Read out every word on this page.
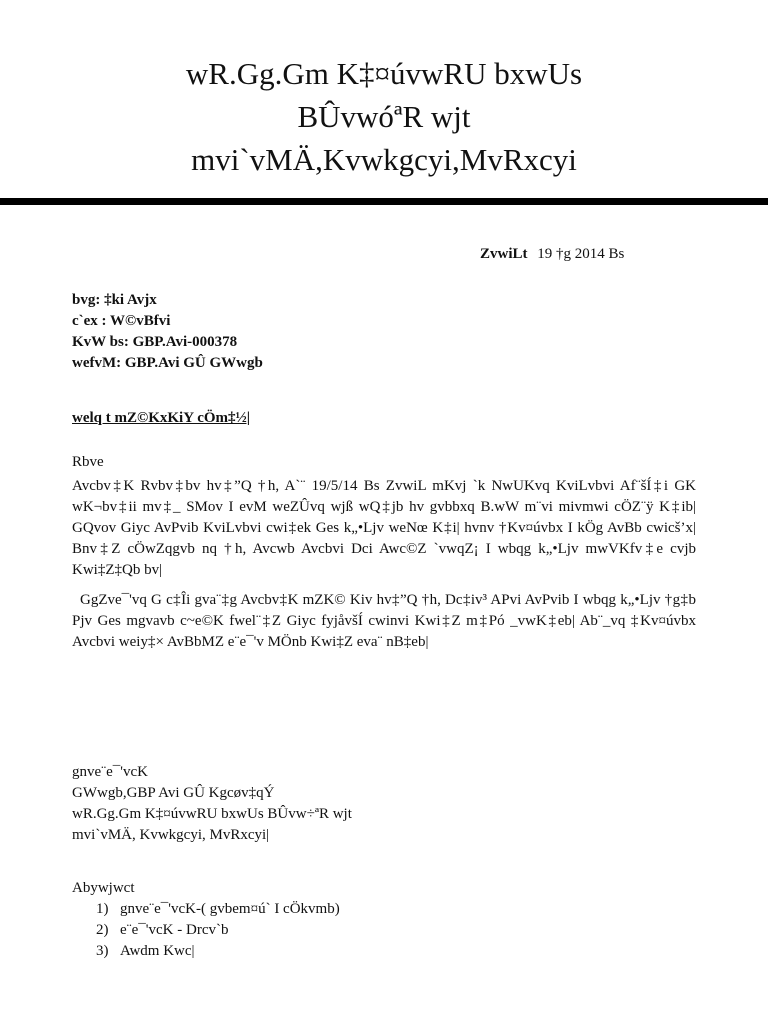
wR.Gg.Gm K‡¤úvwRU bxwUs
BÛvwóªR wjt
mvi`vMÄ,Kvwkgcyi,MvRxcyi
ZvwiLt 19 †g 2014 Bs
bvg: ‡ki Avjx
c`ex : W©vBfvi
KvW bs: GBP.Avi-000378
wefvM: GBP.Avi GÛ GWwgb
welq t mZ©KxKiY cÖm‡½|
Rbve
Avcbv‡K Rvbv‡bv hv‡”Q †h, A`¨ 19/5/14 Bs ZvwiL mKvj `k NwUKvq KviLvbvi Af¨šÍ‡i GK wK¬bv‡ii mv‡_ SMov I evM weZÛvq wjß wQ‡jb hv gvbbxq B.wW m¨vi mivmwi cÖZ¨ÿ K‡ib| GQvov Giyc AvPvib KviLvbvi cwi‡ek Ges k„•Ljv weNœ K‡i| hvnv †Kv¤úvbx I kÖg AvBb cwicš’x| Bnv‡Z cÖwZqgvb nq †h, Avcwb Avcbvi Dci Awc©Z `vwqZ¡ I wbqg k„•Ljv mwVKfv‡e cvjb Kwi‡Z‡Qb bv|
GgZve¯'vq G c‡Îi gva¨‡g Avcbv‡K mZK© Kiv hv‡”Q †h, Dc‡iv³ APvi AvPvib I wbqg k„•Ljv †g‡b Pjv Ges mgvavb c~e©K fwel¨‡Z Giyc fyjåvšÍ cwinvi Kwi‡Z m‡Pó _vwK‡eb| Ab¨_vq ‡Kv¤úvbx Avcbvi weiy‡× AvBbMZ e¨e¯'v MÖnb Kwi‡Z eva¨ nB‡eb|
gnve¨e¯'vcK
GWwgb,GBP Avi GÛ Kgcøv‡qÝ
wR.Gg.Gm K‡¤úvwRU bxwUs BÛvw÷ªR wjt
mvi`vMÄ, Kvwkgcyi, MvRxcyi|
Abywjwct
1) gnve¨e¯'vcK-( gvbem¤ú` I cÖkvmb)
2) e¨e¯'vcK - Drcv`b
3) Awdm Kwc|
